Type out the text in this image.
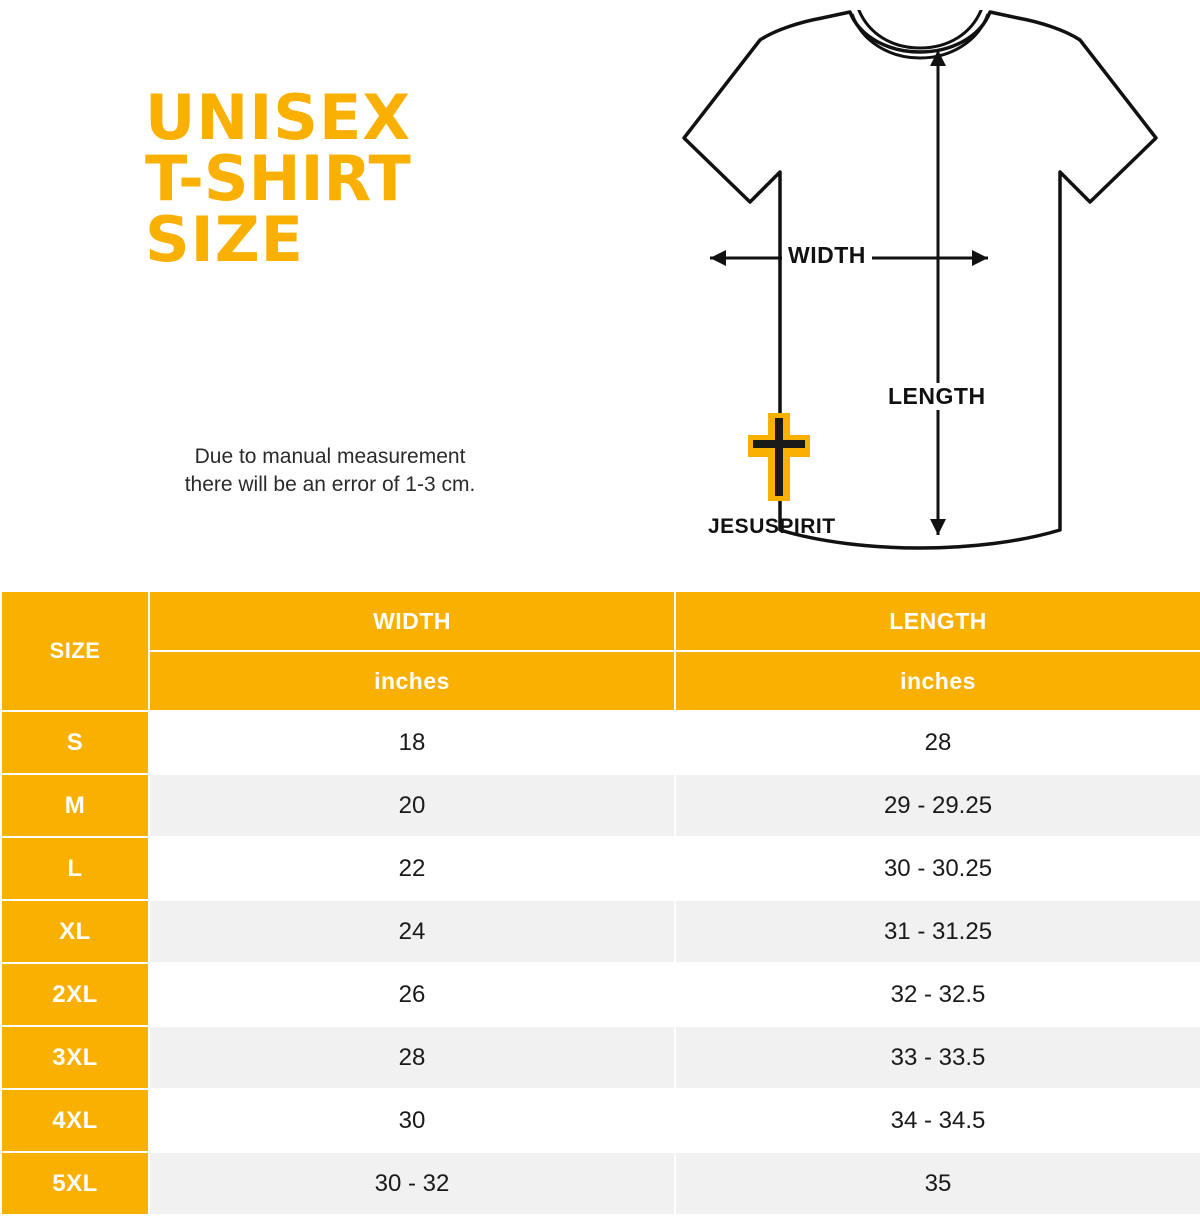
UNISEX
T-SHIRT
SIZE
Due to manual measurement
there will be an error of 1-3 cm.
WIDTH
LENGTH
JESUSPIRIT
SIZE	WIDTH	LENGTH
	inches	inches
S	18	28
M	20	29 - 29.25
L	22	30 - 30.25
XL	24	31 - 31.25
2XL	26	32 - 32.5
3XL	28	33 - 33.5
4XL	30	34 - 34.5
5XL	30 - 32	35
